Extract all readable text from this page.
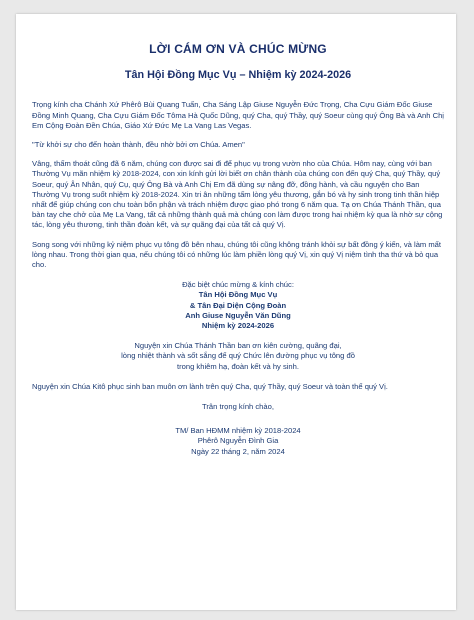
LỜI CÁM ƠN VÀ CHÚC MỪNG
Tân Hội Đồng Mục Vụ – Nhiệm kỳ 2024-2026

Trọng kính cha Chánh Xứ Phêrô Bùi Quang Tuấn, Cha Sáng Lập Giuse Nguyễn Đức Trọng, Cha Cựu Giám Đốc Giuse Đồng Minh Quang, Cha Cựu Giám Đốc Tôma Hà Quốc Dũng, quý Cha, quý Thầy, quý Soeur cùng quý Ông Bà và Anh Chị Em Cộng Đoàn Đền Chúa, Giáo Xứ Đức Mẹ La Vang Las Vegas.

"Từ khởi sự cho đến hoàn thành, đều nhờ bởi ơn Chúa. Amen"

Vâng, thấm thoát cũng đã 6 năm, chúng con được sai đi để phục vụ trong vườn nho của Chúa. Hôm nay, cùng với ban Thường Vụ mãn nhiệm kỳ 2018-2024, con xin kính gửi lời biết ơn chân thành của chúng con đến quý Cha, quý Thầy, quý Soeur, quý Ân Nhân, quý Cụ, quý Ông Bà và Anh Chị Em đã dùng sự nâng đỡ, đồng hành, và cầu nguyện cho Ban Thường Vụ trong suốt nhiệm kỳ 2018-2024. Xin tri ân những tấm lòng yêu thương, gắn bó và hy sinh trong tinh thần hiệp nhất để giúp chúng con chu toàn bổn phận và trách nhiệm được giao phó trong 6 năm qua. Tạ ơn Chúa Thánh Thần, qua bàn tay che chở của Mẹ La Vang, tất cả những thành quả mà chúng con làm được trong hai nhiệm kỳ qua là nhờ sự cộng tác, lòng yêu thương, tinh thần đoàn kết, và sự quãng đại của tất cả quý Vị.

Song song với những kỷ niệm phục vụ tông đồ bên nhau, chúng tôi cũng không tránh khỏi sự bất đồng ý kiến, và làm mất lòng nhau. Trong thời gian qua, nếu chúng tôi có những lúc làm phiền lòng quý Vị, xin quý Vị niệm tình tha thứ và bỏ qua cho.

Đặc biệt chúc mừng & kính chúc:
Tân Hội Đồng Mục Vụ
& Tân Đại Diện Cộng Đoàn
Anh Giuse Nguyễn Văn Dũng
Nhiệm kỳ 2024-2026
Nguyện xin Chúa Thánh Thần ban ơn kiên cường, quãng đại,
lòng nhiệt thành và sốt sắng để quý Chức lên đường phục vụ tông đồ
trong khiêm hạ, đoàn kết và hy sinh.

Nguyện xin Chúa Kitô phục sinh ban muôn ơn lành trên quý Cha, quý Thầy, quý Soeur và toàn thể quý Vị.

Trân trọng kính chào,
TM/ Ban HĐMM nhiệm kỳ 2018-2024
Phêrô Nguyễn Đình Gia
Ngày 22 tháng 2, năm 2024
